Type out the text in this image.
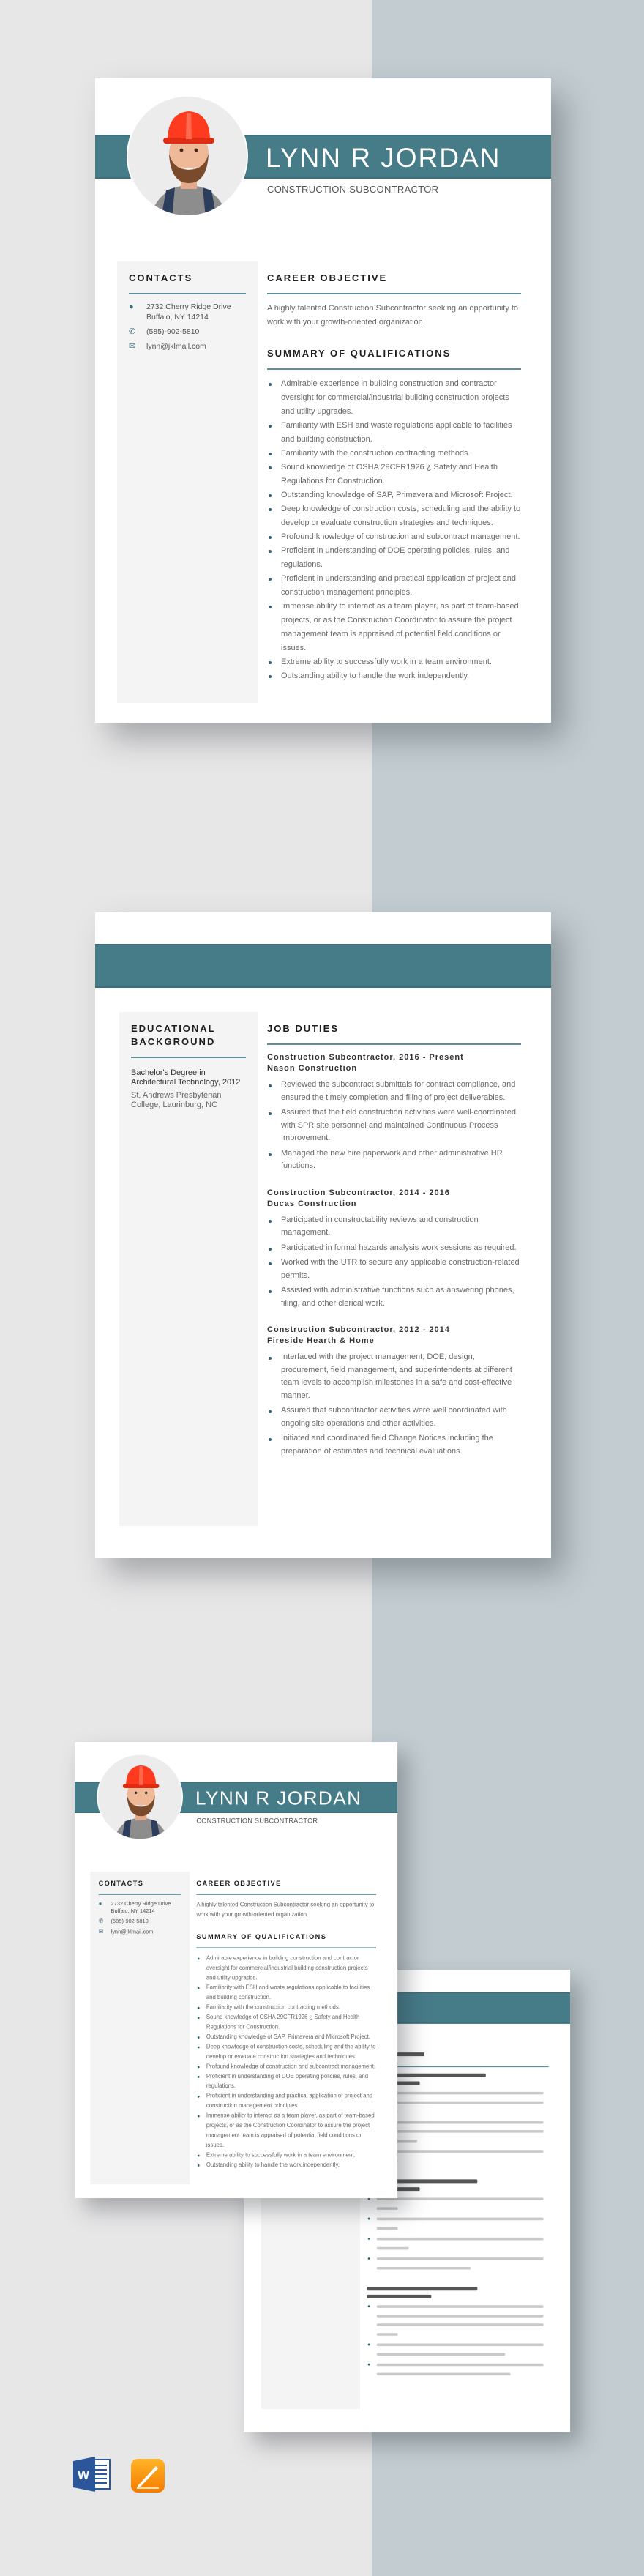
LYNN R JORDAN
CONSTRUCTION SUBCONTRACTOR
CONTACTS
●	2732 Cherry Ridge Drive
Buffalo, NY 14214
✆	(585)-902-5810
✉	lynn@jklmail.com
CAREER OBJECTIVE

A highly talented Construction Subcontractor seeking an opportunity to work with your growth-oriented organization.

SUMMARY OF QUALIFICATIONS
Admirable experience in building construction and contractor oversight for commercial/industrial building construction projects and utility upgrades.
Familiarity with ESH and waste regulations applicable to facilities and building construction.
Familiarity with the construction contracting methods.
Sound knowledge of OSHA 29CFR1926 ¿ Safety and Health Regulations for Construction.
Outstanding knowledge of SAP, Primavera and Microsoft Project.
Deep knowledge of construction costs, scheduling and the ability to develop or evaluate construction strategies and techniques.
Profound knowledge of construction and subcontract management.
Proficient in understanding of DOE operating policies, rules, and regulations.
Proficient in understanding and practical application of project and construction management principles.
Immense ability to interact as a team player, as part of team-based projects, or as the Construction Coordinator to assure the project management team is appraised of potential field conditions or issues.
Extreme ability to successfully work in a team environment.
Outstanding ability to handle the work independently.
EDUCATIONAL BACKGROUND

Bachelor's Degree in Architectural Technology, 2012

St. Andrews Presbyterian College, Laurinburg, NC

JOB DUTIES
Construction Subcontractor, 2016 - Present
Nason Construction
Reviewed the subcontract submittals for contract compliance, and ensured the timely completion and filing of project deliverables.
Assured that the field construction activities were well-coordinated with SPR site personnel and maintained Continuous Process Improvement.
Managed the new hire paperwork and other administrative HR functions.
Construction Subcontractor, 2014 - 2016
Ducas Construction
Participated in constructability reviews and construction management.
Participated in formal hazards analysis work sessions as required.
Worked with the UTR to secure any applicable construction-related permits.
Assisted with administrative functions such as answering phones, filing, and other clerical work.
Construction Subcontractor, 2012 - 2014
Fireside Hearth & Home
Interfaced with the project management, DOE, design, procurement, field management, and superintendents at different team levels to accomplish milestones in a safe and cost-effective manner.
Assured that subcontractor activities were well coordinated with ongoing site operations and other activities.
Initiated and coordinated field Change Notices including the preparation of estimates and technical evaluations.
LYNN R JORDAN
CONSTRUCTION SUBCONTRACTOR
CONTACTS
●	2732 Cherry Ridge Drive
Buffalo, NY 14214
✆ (585)-902-5810
✉ lynn@jklmail.com
CAREER OBJECTIVE

A highly talented Construction Subcontractor seeking an opportunity to work with your growth-oriented organization.

SUMMARY OF QUALIFICATIONS
Admirable experience in building construction and contractor oversight for commercial/industrial building construction projects and utility upgrades.
Familiarity with ESH and waste regulations applicable to facilities and building construction.
Familiarity with the construction contracting methods.
Sound knowledge of OSHA 29CFR1926 ¿ Safety and Health Regulations for Construction.
Outstanding knowledge of SAP, Primavera and Microsoft Project.
Deep knowledge of construction costs, scheduling and the ability to develop or evaluate construction strategies and techniques.
Profound knowledge of construction and subcontract management.
Proficient in understanding of DOE operating policies, rules, and regulations.
Proficient in understanding and practical application of project and construction management principles.
Immense ability to interact as a team player, as part of team-based projects, or as the Construction Coordinator to assure the project management team is appraised of potential field conditions or issues.
Extreme ability to successfully work in a team environment.
Outstanding ability to handle the work independently.
W
